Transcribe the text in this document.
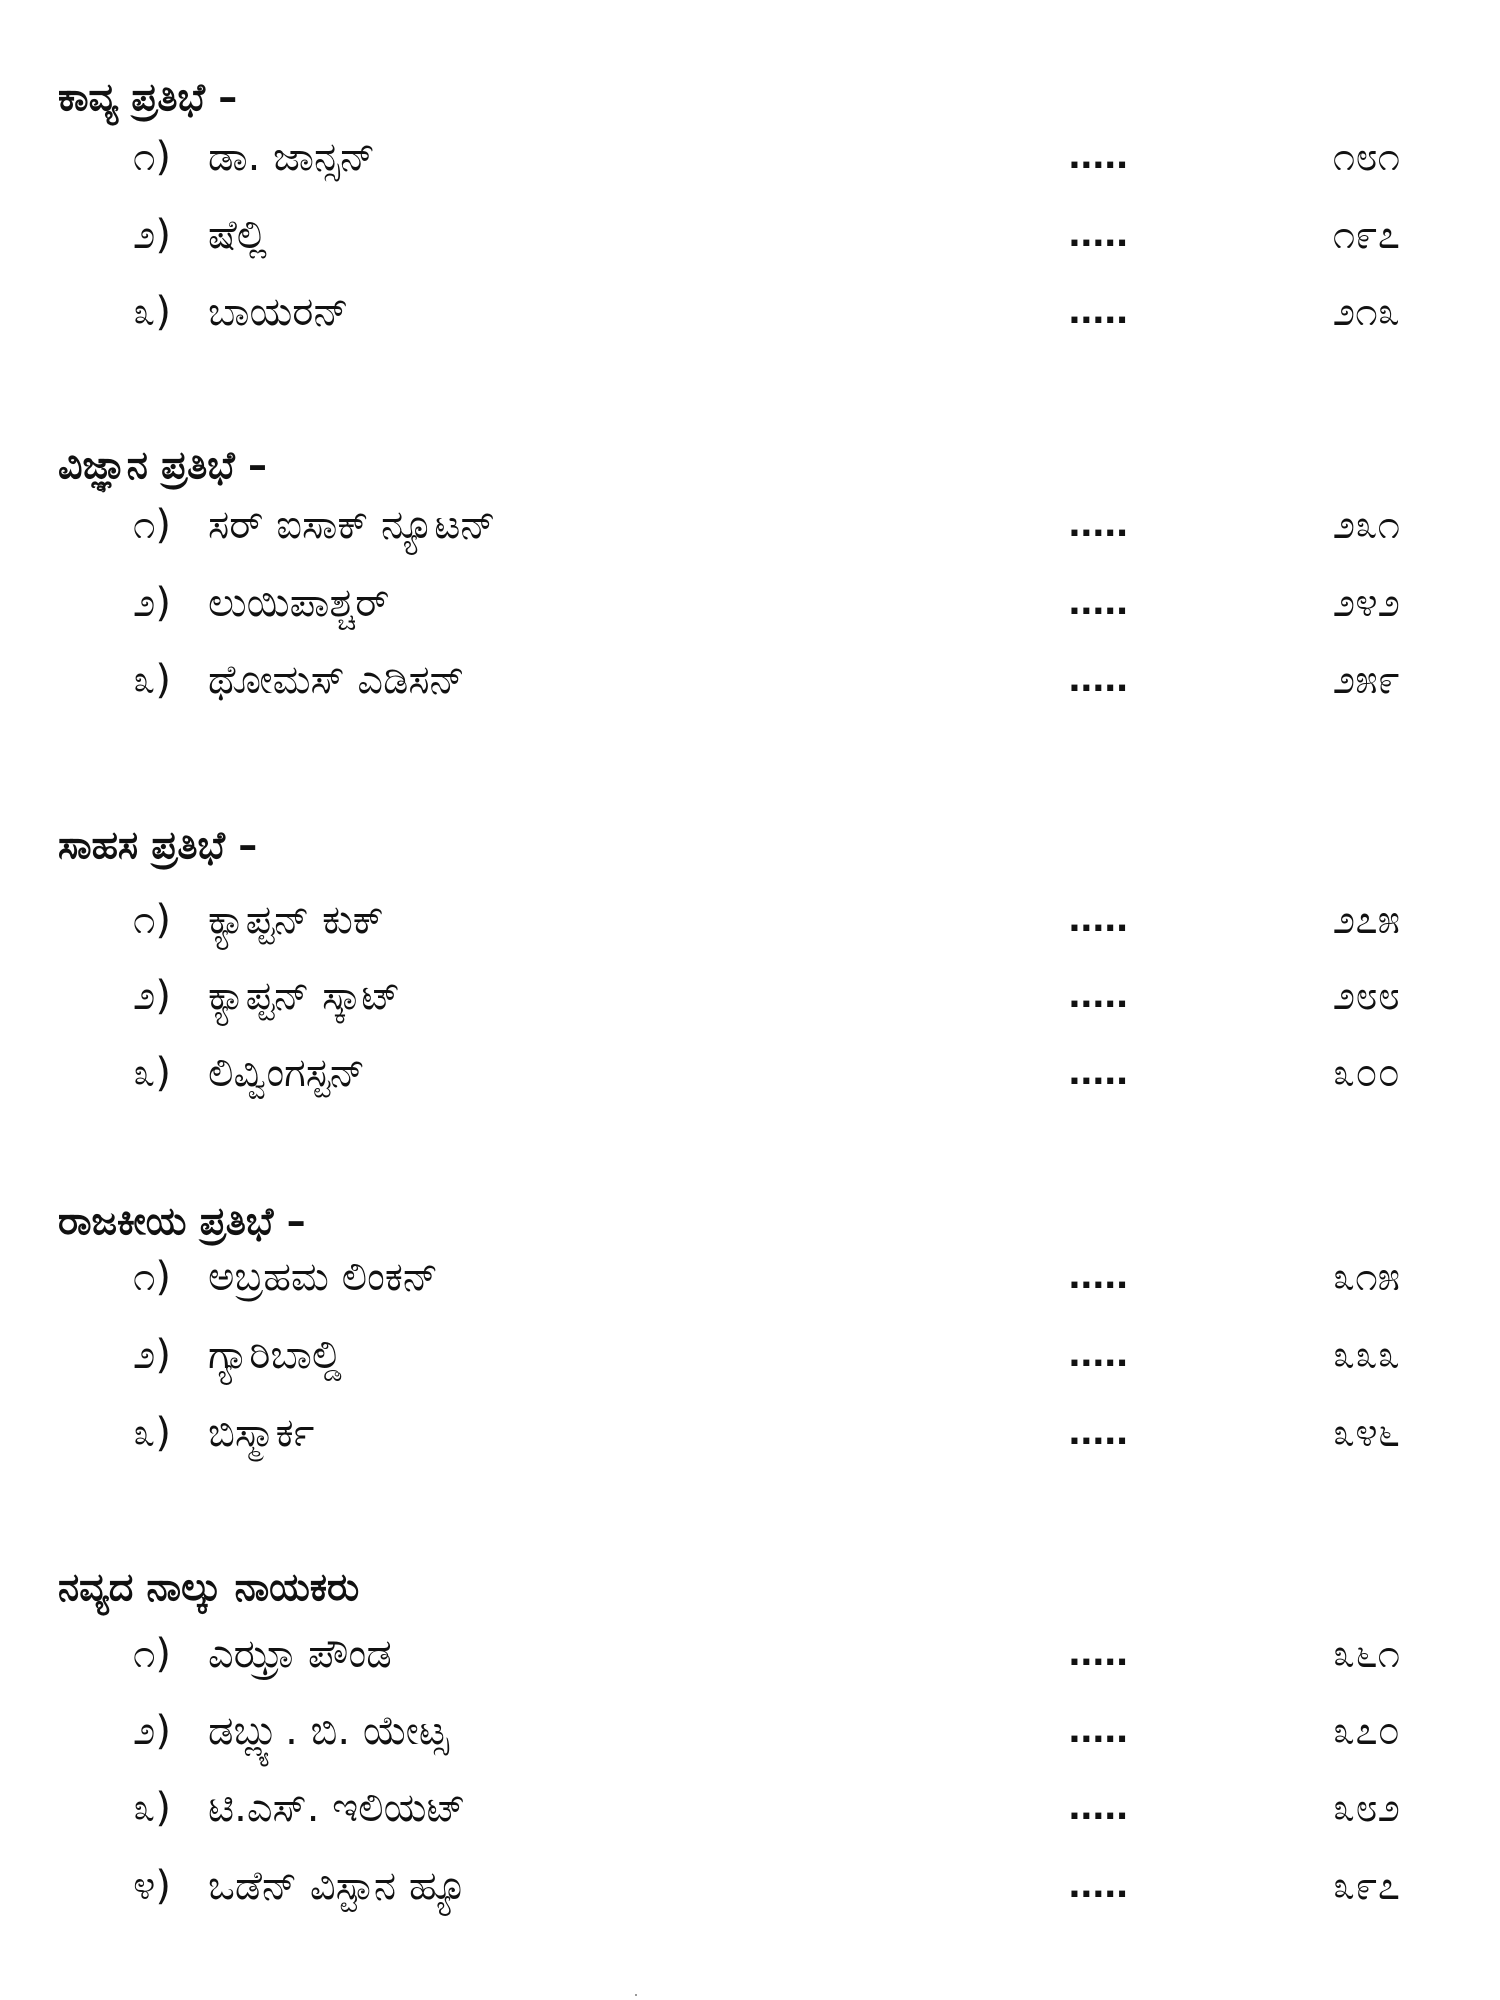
ಕಾವ್ಯ ಪ್ರತಿಭೆ –
೧) ಡಾ. ಜಾನ್ಸನ್	.....	೧೮೧
೨) ಷೆಲ್ಲಿ	.....	೧೯೭
೩) ಬಾಯರನ್	.....	೨೧೩
ವಿಜ್ಞಾನ ಪ್ರತಿಭೆ –
೧) ಸರ್ ಐಸಾಕ್ ನ್ಯೂಟನ್	.....	೨೩೧
೨) ಲುಯಿಪಾಶ್ಚರ್	.....	೨೪೨
೩) ಥೋಮಸ್ ಎಡಿಸನ್	.....	೨೫೯
ಸಾಹಸ ಪ್ರತಿಭೆ –
೧) ಕ್ಯಾಪ್ಟನ್ ಕುಕ್	.....	೨೭೫
೨) ಕ್ಯಾಪ್ಟನ್ ಸ್ಕಾಟ್	.....	೨೮೮
೩) ಲಿವ್ವಿಂಗಸ್ಟನ್	.....	೩೦೦
ರಾಜಕೀಯ ಪ್ರತಿಭೆ –
೧) ಅಬ್ರಹಮ ಲಿಂಕನ್	.....	೩೧೫
೨) ಗ್ಯಾರಿಬಾಲ್ಡಿ	.....	೩೩೩
೩) ಬಿಸ್ಮಾರ್ಕ	.....	೩೪೬
ನವ್ಯದ ನಾಲ್ಕು ನಾಯಕರು
೧) ಎಝ್ರಾ ಪೌಂಡ	.....	೩೬೧
೨) ಡಬ್ಲ್ಯು. ಬಿ. ಯೇಟ್ಸ	.....	೩೭೦
೩) ಟಿ.ಎಸ್. ಇಲಿಯಟ್	.....	೩೮೨
೪) ಒಡೆನ್ ವಿಸ್ಟಾನ ಹ್ಯೂ	.....	೩೯೭
